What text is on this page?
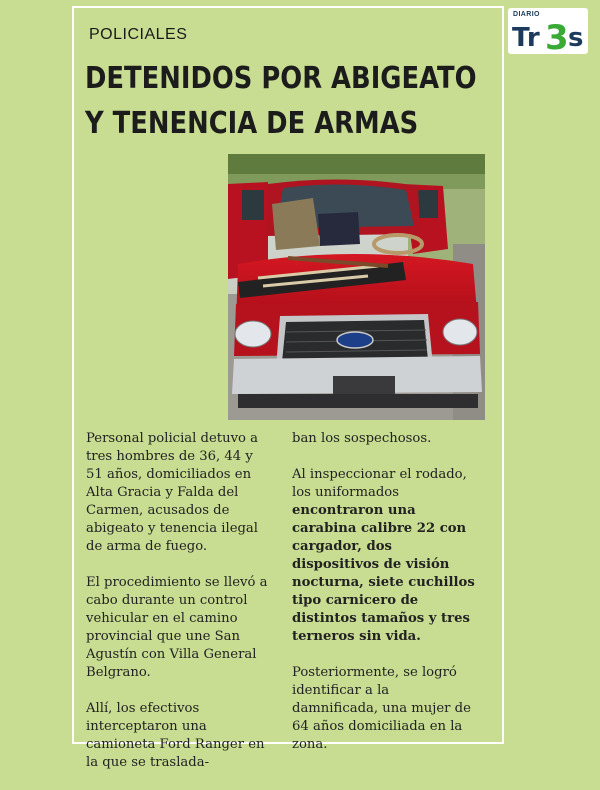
POLICIALES
DETENIDOS POR ABIGEATO
Y TENENCIA DE ARMAS
DIARIO
Tr 3 s

Personal policial detuvo a tres hombres de 36, 44 y 51 años, domiciliados en Alta Gracia y Falda del Carmen, acusados de abigeato y tenencia ilegal de arma de fuego.

El procedimiento se llevó a cabo durante un control vehicular en el camino provincial que une San Agustín con Villa General Belgrano.

Allí, los efectivos interceptaron una camioneta Ford Ranger en la que se traslada-

ban los sospechosos.

Al inspeccionar el rodado, los uniformados encontraron una carabina calibre 22 con cargador, dos dispositivos de visión nocturna, siete cuchillos tipo carnicero de distintos tamaños y tres terneros sin vida.

Posteriormente, se logró identificar a la damnificada, una mujer de 64 años domiciliada en la zona.
